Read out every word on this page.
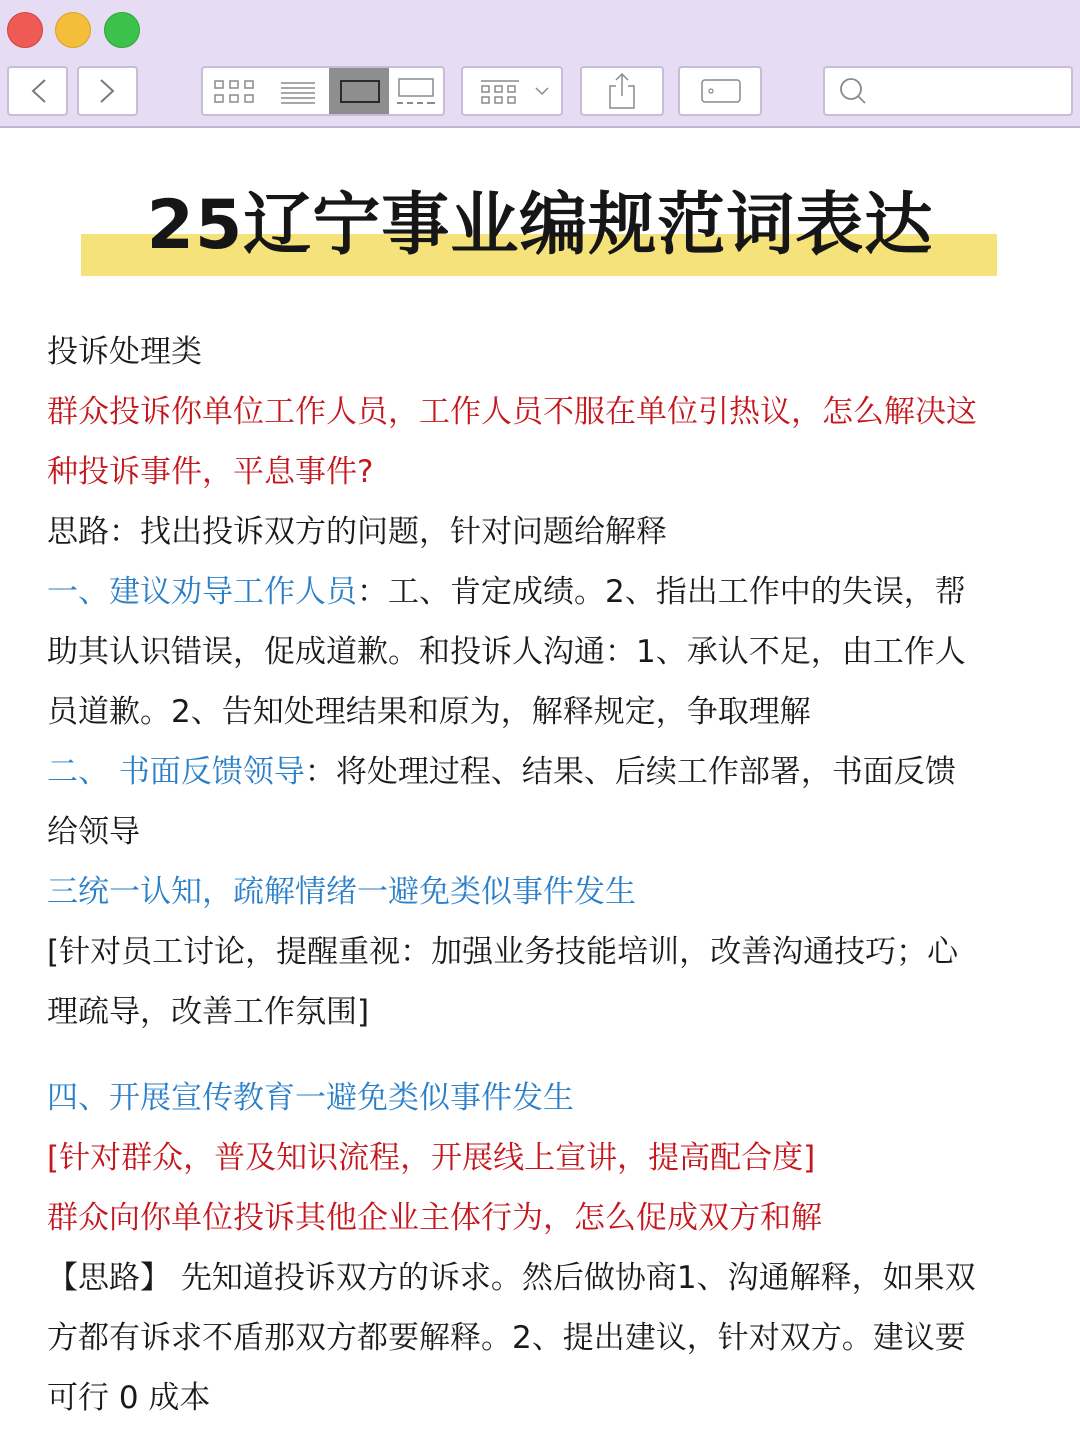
25辽宁事业编规范词表达

投诉处理类

群众投诉你单位工作人员，工作人员不服在单位引热议，怎么解决这

种投诉事件，平息事件?

思路：找出投诉双方的问题，针对问题给解释

一、建议劝导工作人员：工、肯定成绩。2、指出工作中的失误，帮

助其认识错误，促成道歉。和投诉人沟通：1、承认不足，由工作人

员道歉。2、告知处理结果和原为，解释规定，争取理解

二、 书面反馈领导：将处理过程、结果、后续工作部署，书面反馈

给领导

三统一认知，疏解情绪一避免类似事件发生

[针对员工讨论，提醒重视：加强业务技能培训，改善沟通技巧；心

理疏导，改善工作氛围]

四、开展宣传教育一避免类似事件发生

[针对群众，普及知识流程，开展线上宣讲，提高配合度]

群众向你单位投诉其他企业主体行为，怎么促成双方和解

【思路】 先知道投诉双方的诉求。然后做协商1、沟通解释，如果双

方都有诉求不盾那双方都要解释。2、提出建议，针对双方。建议要

可行 0 成本
